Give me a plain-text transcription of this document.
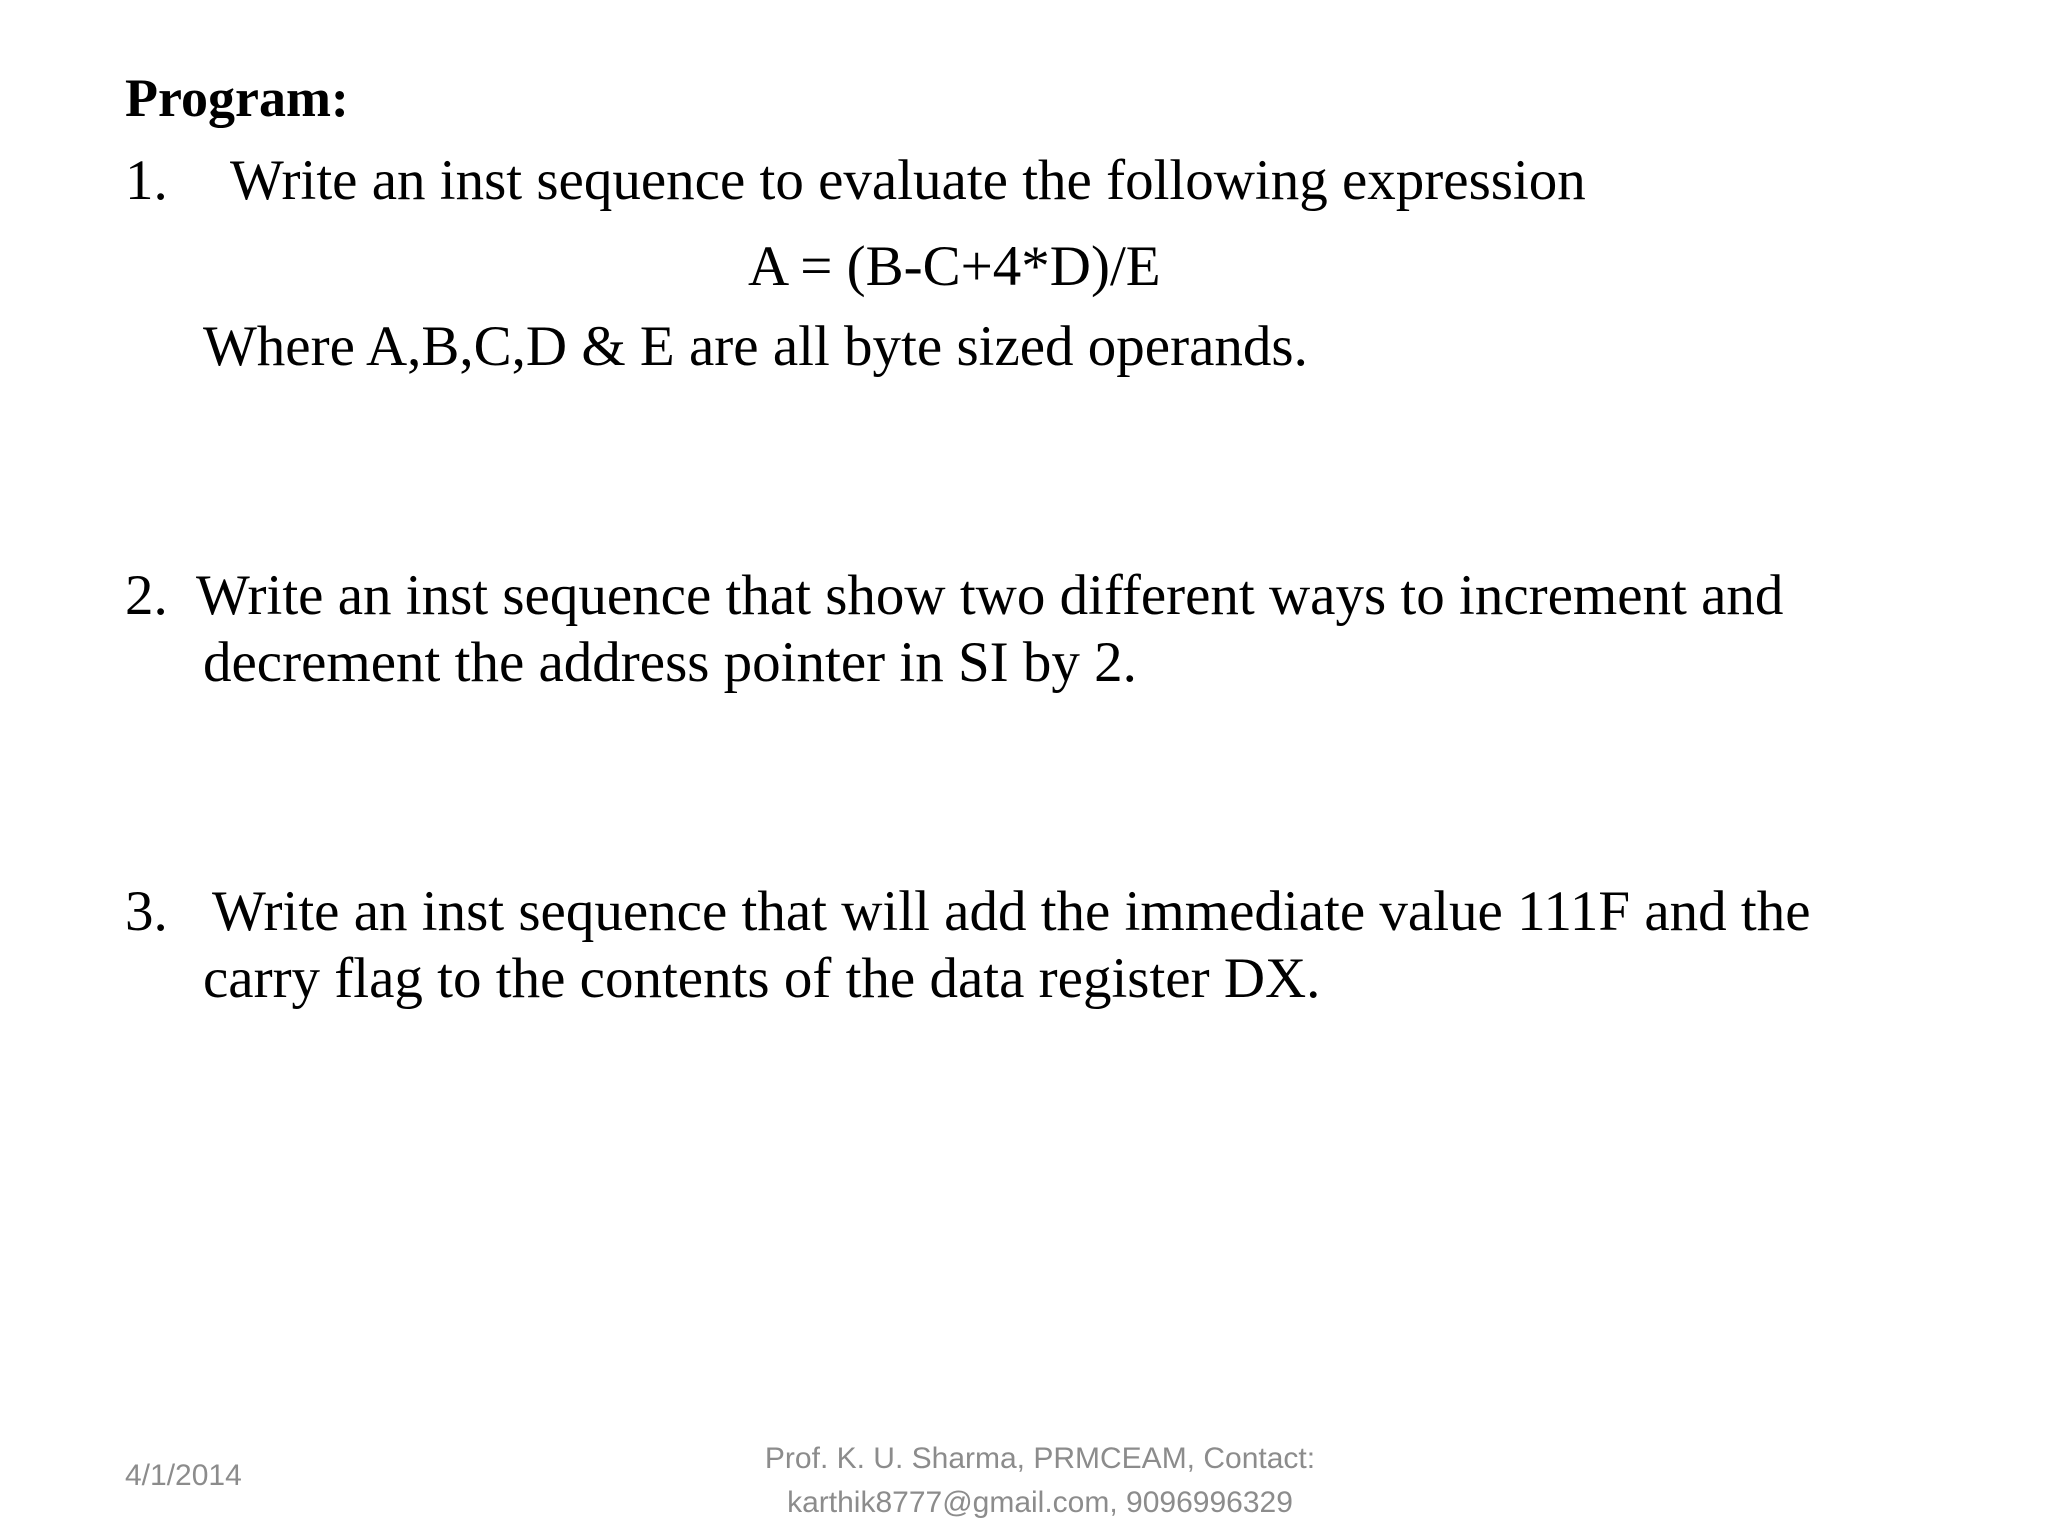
Program:
1. Write an inst sequence to evaluate the following expression
A = (B-C+4*D)/E
Where A,B,C,D & E are all byte sized operands.
2. Write an inst sequence that show two different ways to increment and
decrement the address pointer in SI by 2.
3. Write an inst sequence that will add the immediate value 111F and the
carry flag to the contents of the data register DX.
4/1/2014
Prof. K. U. Sharma, PRMCEAM, Contact:
karthik8777@gmail.com, 9096996329
